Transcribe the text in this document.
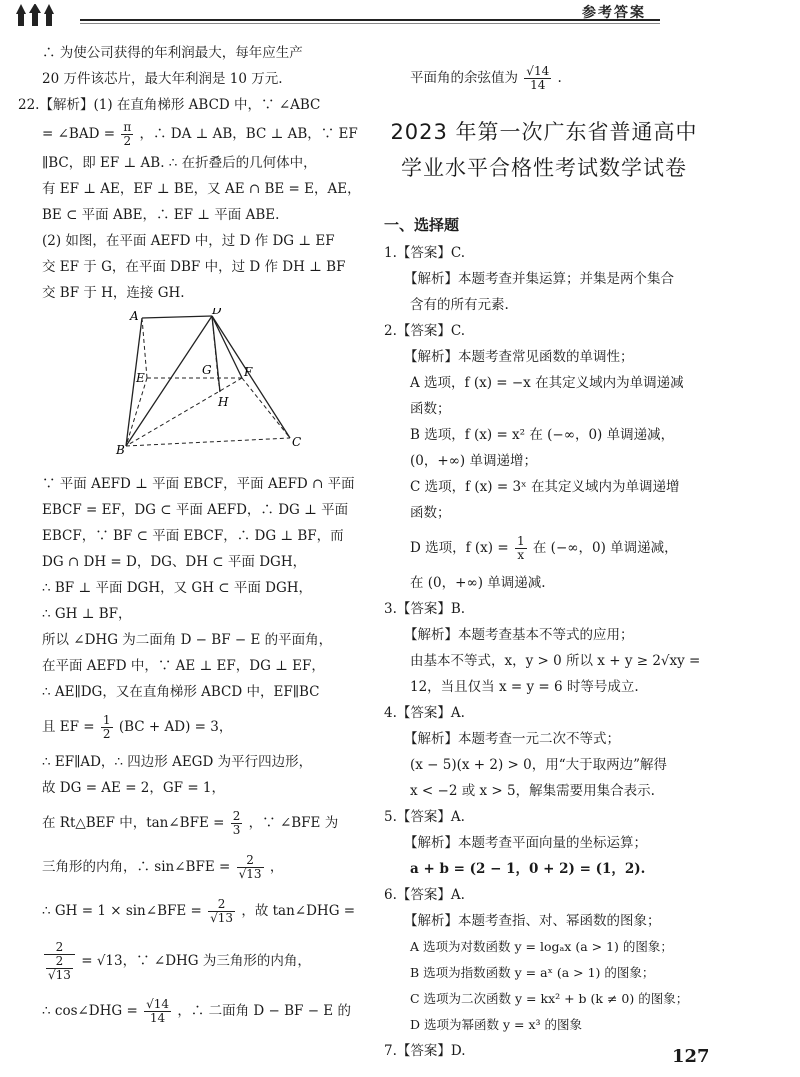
参考答案
∴ 为使公司获得的年利润最大，每年应生产
20 万件该芯片，最大年利润是 10 万元.
22.【解析】(1) 在直角梯形 ABCD 中，∵ ∠ABC
= ∠BAD = $\frac{\pi}{2}$ ，∴ DA ⊥ AB，BC ⊥ AB，∵ EF
∥BC，即 EF ⊥ AB. ∴ 在折叠后的几何体中，
有 EF ⊥ AE，EF ⊥ BE，又 AE ∩ BE = E，AE，
BE ⊂ 平面 ABE，∴ EF ⊥ 平面 ABE.
(2) 如图，在平面 AEFD 中，过 D 作 DG ⊥ EF
交 EF 于 G，在平面 DBF 中，过 D 作 DH ⊥ BF
交 BF 于 H，连接 GH.
A	D
E
G	F
H
B
C
∵ 平面 AEFD ⊥ 平面 EBCF，平面 AEFD ∩ 平面
EBCF = EF，DG ⊂ 平面 AEFD，∴ DG ⊥ 平面
EBCF，∵ BF ⊂ 平面 EBCF，∴ DG ⊥ BF，而
DG ∩ DH = D，DG、DH ⊂ 平面 DGH，
∴ BF ⊥ 平面 DGH，又 GH ⊂ 平面 DGH，
∴ GH ⊥ BF，
所以 ∠DHG 为二面角 D − BF − E 的平面角，
在平面 AEFD 中，∵ AE ⊥ EF，DG ⊥ EF，
∴ AE∥DG，又在直角梯形 ABCD 中，EF∥BC
且 EF = $\frac{1}{2} (BC + AD) = 3$，
∴ EF∥AD，∴ 四边形 AEGD 为平行四边形，
故 DG = AE = 2，GF = 1，
在 Rt△BEF 中，tan∠BFE = $\frac{2}{3}$ ，∵ ∠BFE 为
三角形的内角，∴ sin∠BFE = $\frac{2}{√13}$ ，
∴ GH = 1 × sin∠BFE = $\frac{2}{√13}$ ，故 tan∠DHG =
$\frac{2}{\frac{2}{√13}} = √13$，∵ ∠DHG 为三角形的内角，
∴ cos∠DHG = $\frac{√14}{14}$ ，∴ 二面角 D − BF − E 的
平面角的余弦值为 $\frac{√14}{14}$ .
2023 年第一次广东省普通高中
学业水平合格性考试数学试卷
一、选择题
1.【答案】C.
【解析】本题考查并集运算；并集是两个集合
含有的所有元素.
2.【答案】C.
【解析】本题考查常见函数的单调性；
A 选项，f (x) = −x 在其定义域内为单调递减
函数；
B 选项，f (x) = x² 在 (−∞，0) 单调递减，
(0，+∞) 单调递增；
C 选项，f (x) = 3ˣ 在其定义域内为单调递增
函数；
D 选项，f $(x) = \frac{1}{x}$ 在 (−∞，0) 单调递减，
在 (0，+∞) 单调递减.
3.【答案】B.
【解析】本题考查基本不等式的应用；
由基本不等式，x，y > 0 所以 x + y ≥ 2√xy =
12，当且仅当 x = y = 6 时等号成立.
4.【答案】A.
【解析】本题考查一元二次不等式；
(x − 5)(x + 2) > 0，用“大于取两边”解得
x < −2 或 x > 5，解集需要用集合表示.
5.【答案】A.
【解析】本题考查平面向量的坐标运算；
a + b = (2 − 1，0 + 2) = (1，2).
6.【答案】A.
【解析】本题考查指、对、幂函数的图象；
A 选项为对数函数 y = logₐx (a > 1) 的图象；
B 选项为指数函数 y = aˣ (a > 1) 的图象；
C 选项为二次函数 y = kx² + b (k ≠ 0) 的图象；
D 选项为幂函数 y = x³ 的图象
7.【答案】D.	127
